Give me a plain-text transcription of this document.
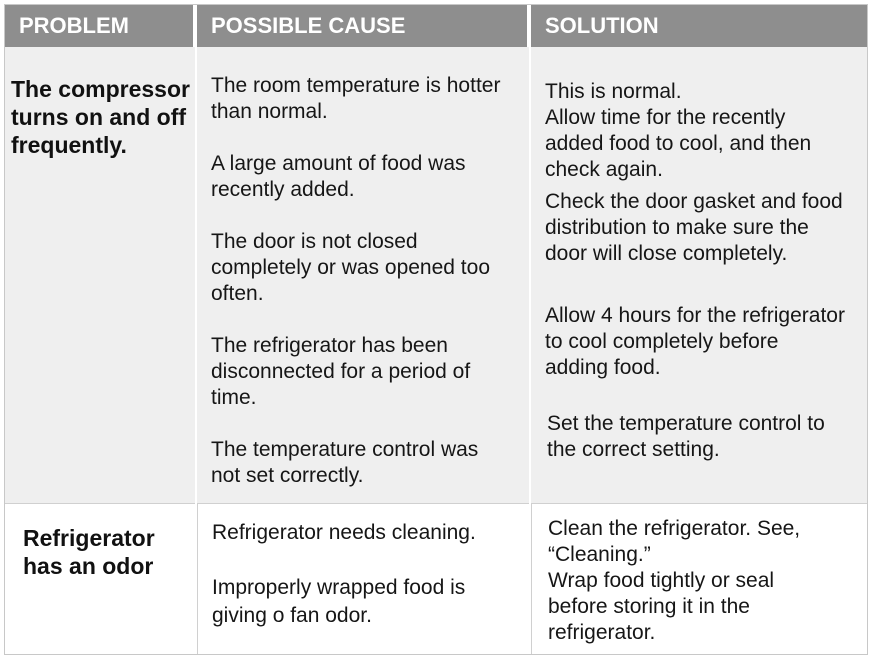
PROBLEM	POSSIBLE CAUSE	SOLUTION
The compressor turns on and off frequently.
The room temperature is hotter than normal.
A large amount of food was recently added.
The door is not closed completely or was opened too often.
The refrigerator has been disconnected for a period of time.
The temperature control was not set correctly.
This is normal.
Allow time for the recently added food to cool, and then check again.
Check the door gasket and food distribution to make sure the door will close completely.
Allow 4 hours for the refrigerator to cool completely before adding food.
Set the temperature control to the correct setting.
Refrigerator has an odor
Refrigerator needs cleaning.
Improperly wrapped food is giving o fan odor.
Clean the refrigerator. See, “Cleaning.”
Wrap food tightly or seal before storing it in the refrigerator.
